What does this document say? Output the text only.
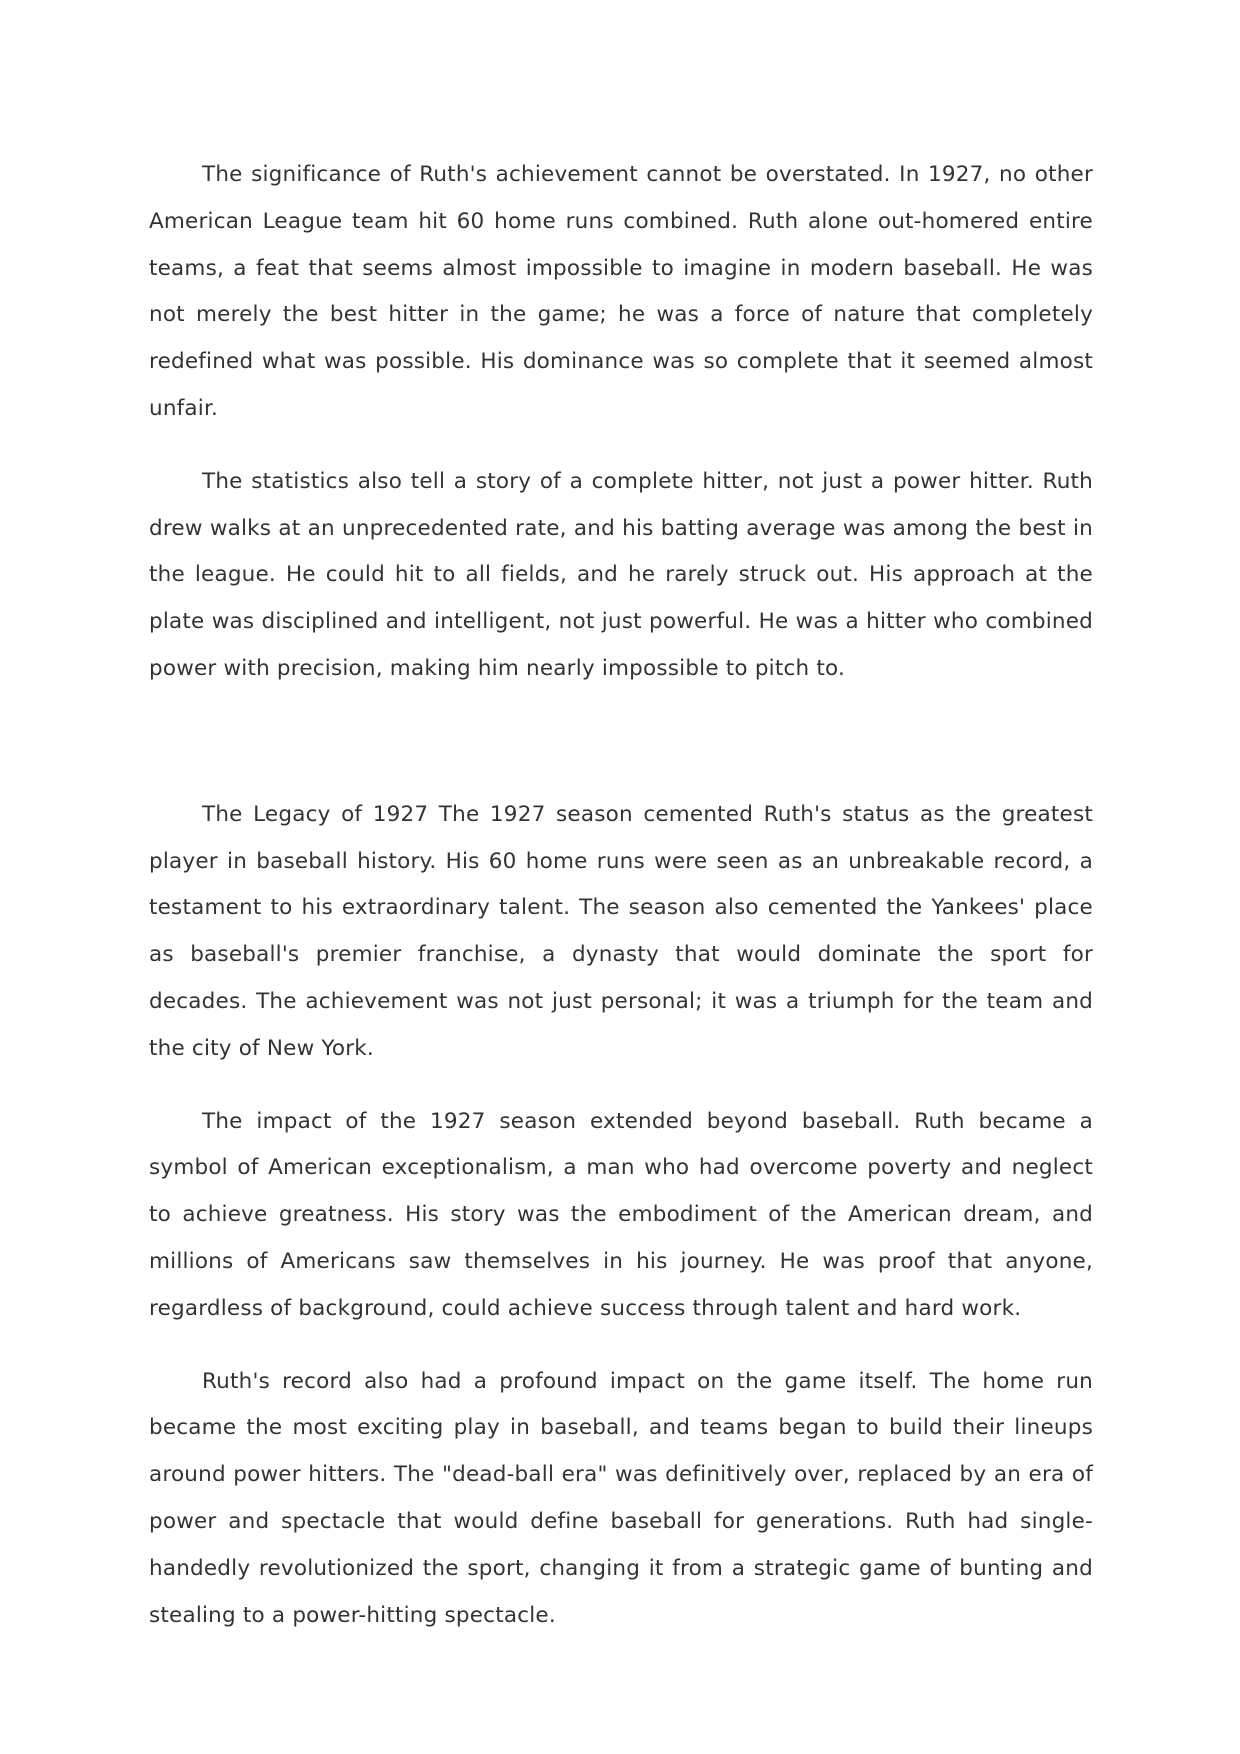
The significance of Ruth's achievement cannot be overstated. In 1927, no other American League team hit 60 home runs combined. Ruth alone out-homered entire teams, a feat that seems almost impossible to imagine in modern baseball. He was not merely the best hitter in the game; he was a force of nature that completely redefined what was possible. His dominance was so complete that it seemed almost unfair.

The statistics also tell a story of a complete hitter, not just a power hitter. Ruth drew walks at an unprecedented rate, and his batting average was among the best in the league. He could hit to all fields, and he rarely struck out. His approach at the plate was disciplined and intelligent, not just powerful. He was a hitter who combined power with precision, making him nearly impossible to pitch to.

The Legacy of 1927 The 1927 season cemented Ruth's status as the greatest player in baseball history. His 60 home runs were seen as an unbreakable record, a testament to his extraordinary talent. The season also cemented the Yankees' place as baseball's premier franchise, a dynasty that would dominate the sport for decades. The achievement was not just personal; it was a triumph for the team and the city of New York.

The impact of the 1927 season extended beyond baseball. Ruth became a symbol of American exceptionalism, a man who had overcome poverty and neglect to achieve greatness. His story was the embodiment of the American dream, and millions of Americans saw themselves in his journey. He was proof that anyone, regardless of background, could achieve success through talent and hard work.

Ruth's record also had a profound impact on the game itself. The home run became the most exciting play in baseball, and teams began to build their lineups around power hitters. The "dead-ball era" was definitively over, replaced by an era of power and spectacle that would define baseball for generations. Ruth had single-handedly revolutionized the sport, changing it from a strategic game of bunting and stealing to a power-hitting spectacle.
